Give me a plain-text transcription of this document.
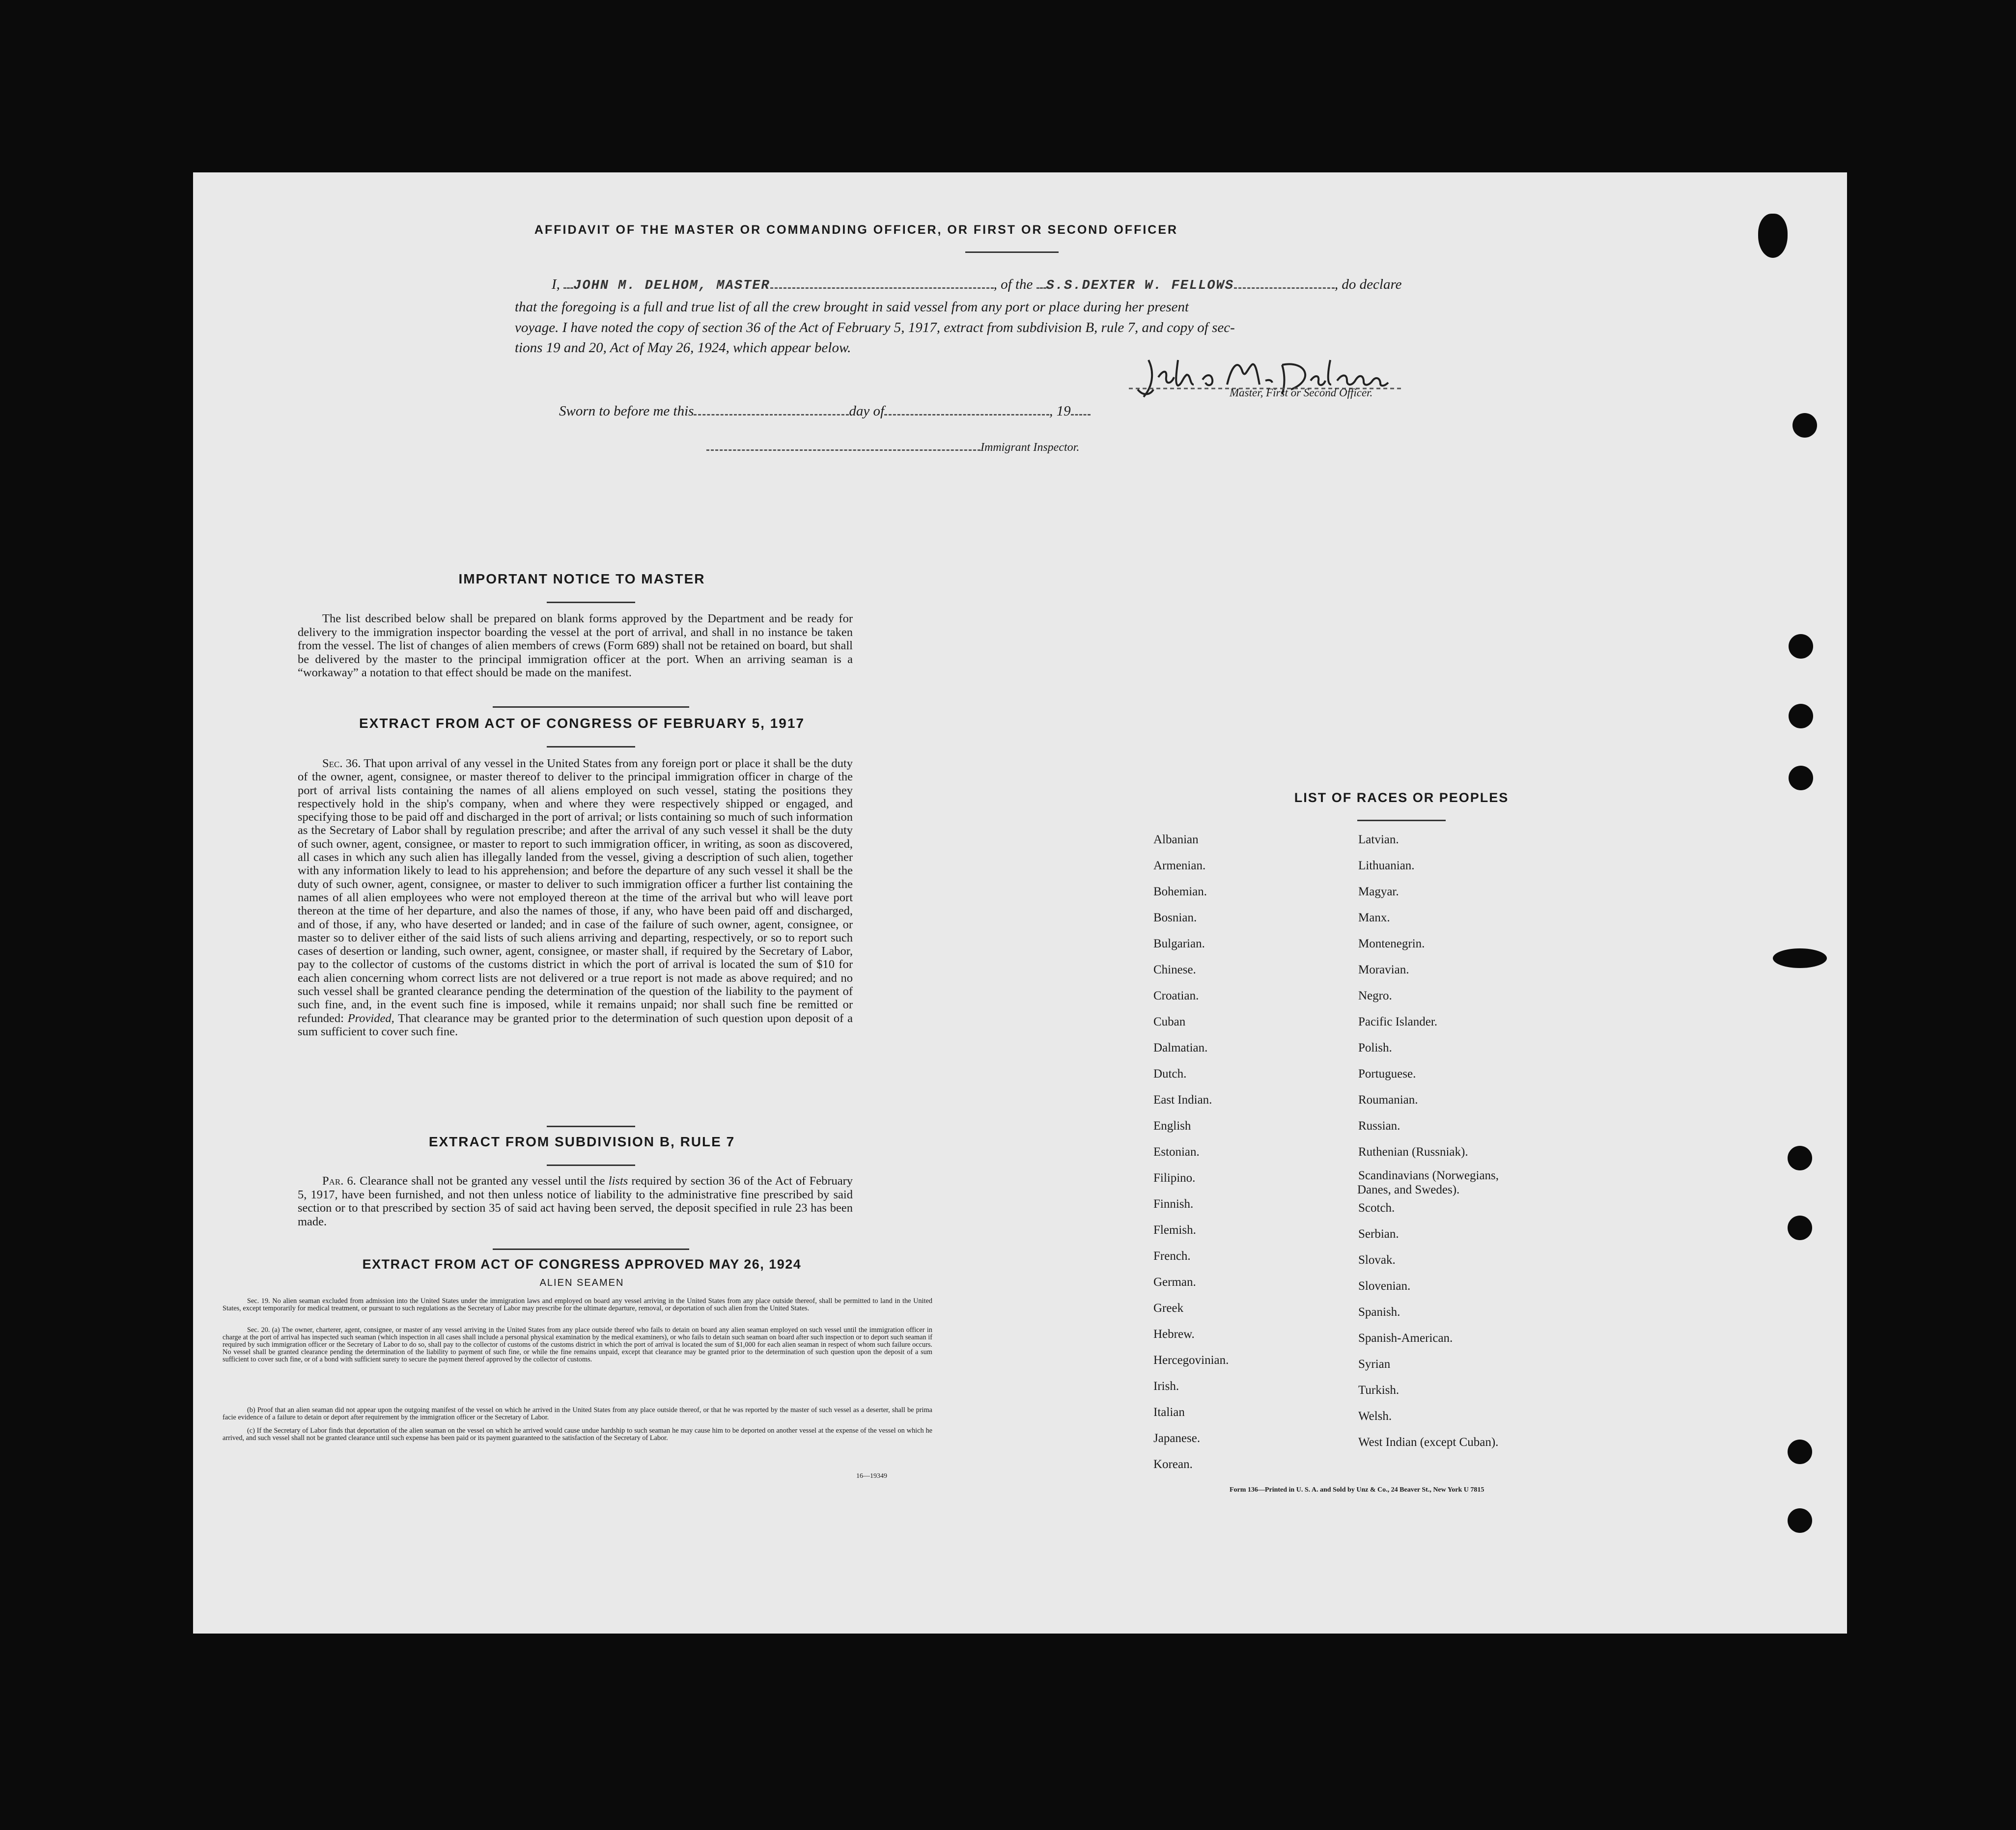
AFFIDAVIT OF THE MASTER OR COMMANDING OFFICER, OR FIRST OR SECOND OFFICER
I, JOHN M. DELHOM, MASTER	, of the S.S.DEXTER W. FELLOWS	, do declare
that the foregoing is a full and true list of all the crew brought in said vessel from any port or place during her present
voyage. I have noted the copy of section 36 of the Act of February 5, 1917, extract from subdivision B, rule 7, and copy of sec-
tions 19 and 20, Act of May 26, 1924, which appear below.
Master, First or Second Officer.
Sworn to before me this	day of	, 19
Immigrant Inspector.
IMPORTANT NOTICE TO MASTER
The list described below shall be prepared on blank forms approved by the Department and be ready for delivery to the immigration inspector boarding the vessel at the port of arrival, and shall in no instance be taken from the vessel. The list of changes of alien members of crews (Form 689) shall not be retained on board, but shall be delivered by the master to the principal immigration officer at the port. When an arriving seaman is a “workaway” a notation to that effect should be made on the manifest.
EXTRACT FROM ACT OF CONGRESS OF FEBRUARY 5, 1917
Sec. 36. That upon arrival of any vessel in the United States from any foreign port or place it shall be the duty of the owner, agent, consignee, or master thereof to deliver to the principal immigration officer in charge of the port of arrival lists containing the names of all aliens employed on such vessel, stating the positions they respectively hold in the ship's company, when and where they were respectively shipped or engaged, and specifying those to be paid off and discharged in the port of arrival; or lists containing so much of such information as the Secretary of Labor shall by regulation prescribe; and after the arrival of any such vessel it shall be the duty of such owner, agent, consignee, or master to report to such immigration officer, in writing, as soon as discovered, all cases in which any such alien has illegally landed from the vessel, giving a description of such alien, together with any information likely to lead to his apprehension; and before the departure of any such vessel it shall be the duty of such owner, agent, consignee, or master to deliver to such immigration officer a further list containing the names of all alien employees who were not employed thereon at the time of the arrival but who will leave port thereon at the time of her departure, and also the names of those, if any, who have been paid off and discharged, and of those, if any, who have deserted or landed; and in case of the failure of such owner, agent, consignee, or master so to deliver either of the said lists of such aliens arriving and departing, respectively, or so to report such cases of desertion or landing, such owner, agent, consignee, or master shall, if required by the Secretary of Labor, pay to the collector of customs of the customs district in which the port of arrival is located the sum of $10 for each alien concerning whom correct lists are not delivered or a true report is not made as above required; and no such vessel shall be granted clearance pending the determination of the question of the liability to the payment of such fine, and, in the event such fine is imposed, while it remains unpaid; nor shall such fine be remitted or refunded: Provided, That clearance may be granted prior to the determination of such question upon deposit of a sum sufficient to cover such fine.
EXTRACT FROM SUBDIVISION B, RULE 7
Par. 6. Clearance shall not be granted any vessel until the lists required by section 36 of the Act of February 5, 1917, have been furnished, and not then unless notice of liability to the administrative fine prescribed by said section or to that prescribed by section 35 of said act having been served, the deposit specified in rule 23 has been made.
EXTRACT FROM ACT OF CONGRESS APPROVED MAY 26, 1924
ALIEN SEAMEN
Sec. 19. No alien seaman excluded from admission into the United States under the immigration laws and employed on board any vessel arriving in the United States from any place outside thereof, shall be permitted to land in the United States, except temporarily for medical treatment, or pursuant to such regulations as the Secretary of Labor may prescribe for the ultimate departure, removal, or deportation of such alien from the United States.
Sec. 20. (a) The owner, charterer, agent, consignee, or master of any vessel arriving in the United States from any place outside thereof who fails to detain on board any alien seaman employed on such vessel until the immigration officer in charge at the port of arrival has inspected such seaman (which inspection in all cases shall include a personal physical examination by the medical examiners), or who fails to detain such seaman on board after such inspection or to deport such seaman if required by such immigration officer or the Secretary of Labor to do so, shall pay to the collector of customs of the customs district in which the port of arrival is located the sum of $1,000 for each alien seaman in respect of whom such failure occurs. No vessel shall be granted clearance pending the determination of the liability to payment of such fine, or while the fine remains unpaid, except that clearance may be granted prior to the determination of such question upon the deposit of a sum sufficient to cover such fine, or of a bond with sufficient surety to secure the payment thereof approved by the collector of customs.
(b) Proof that an alien seaman did not appear upon the outgoing manifest of the vessel on which he arrived in the United States from any place outside thereof, or that he was reported by the master of such vessel as a deserter, shall be prima facie evidence of a failure to detain or deport after requirement by the immigration officer or the Secretary of Labor.
(c) If the Secretary of Labor finds that deportation of the alien seaman on the vessel on which he arrived would cause undue hardship to such seaman he may cause him to be deported on another vessel at the expense of the vessel on which he arrived, and such vessel shall not be granted clearance until such expense has been paid or its payment guaranteed to the satisfaction of the Secretary of Labor.
16—19349
LIST OF RACES OR PEOPLES
Form 136—Printed in U. S. A. and Sold by Unz & Co., 24 Beaver St., New York U 7815
Albanian
Armenian.
Bohemian.
Bosnian.
Bulgarian.
Chinese.
Croatian.
Cuban
Dalmatian.
Dutch.
East Indian.
English
Estonian.
Filipino.
Finnish.
Flemish.
French.
German.
Greek
Hebrew.
Hercegovinian.
Irish.
Italian
Japanese.
Korean.
Latvian.
Lithuanian.
Magyar.
Manx.
Montenegrin.
Moravian.
Negro.
Pacific Islander.
Polish.
Portuguese.
Roumanian.
Russian.
Ruthenian (Russniak).
Scandinavians (Norwegians,
Danes, and Swedes).
Scotch.
Serbian.
Slovak.
Slovenian.
Spanish.
Spanish-American.
Syrian
Turkish.
Welsh.
West Indian (except Cuban).
